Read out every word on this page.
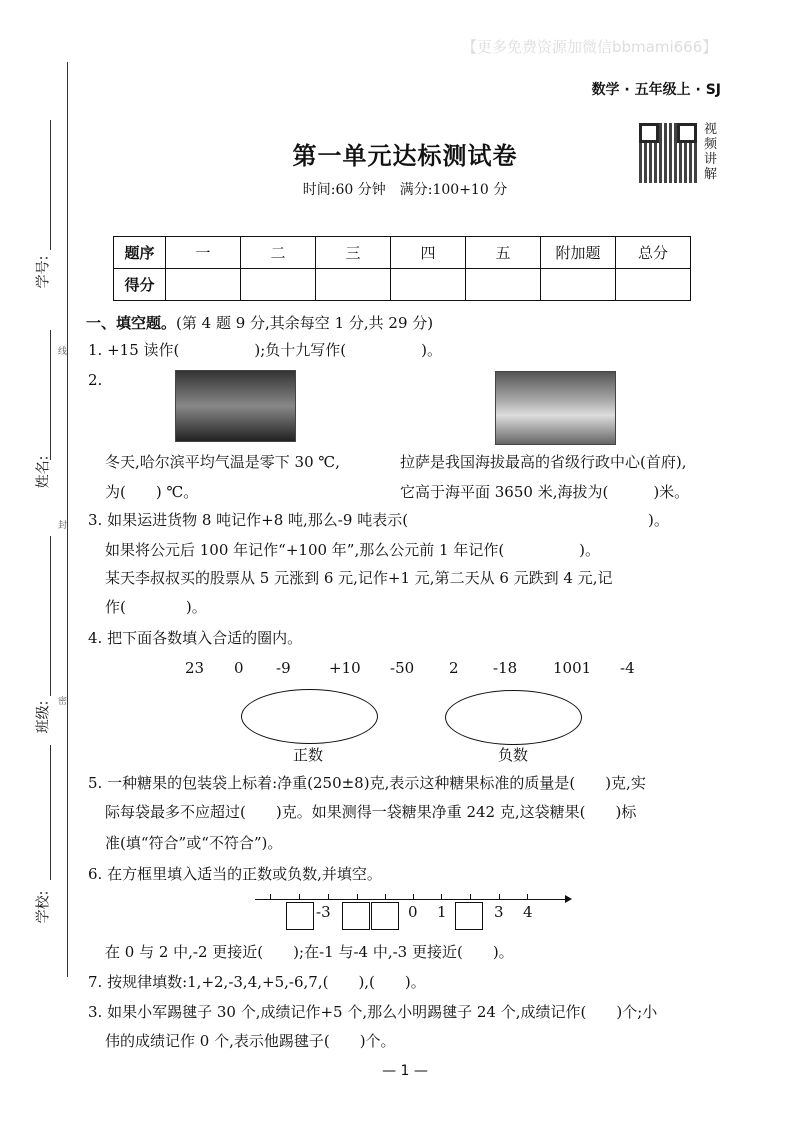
【更多免费资源加微信bbmami666】
数学 · 五年级上 · SJ
第一单元达标测试卷
时间:60 分钟　满分:100+10 分
视频讲解
题序	一	二	三	四	五	附加题	总分
得分							
学号:
姓名:
班级:
学校:
线
封
密
一、填空题。(第 4 题 9 分,其余每空 1 分,共 29 分)
1. +15 读作(　　　　　);负十九写作(　　　　　)。
2.
冬天,哈尔滨平均气温是零下 30 ℃,
为(　　) ℃。
拉萨是我国海拔最高的省级行政中心(首府),
它高于海平面 3650 米,海拔为(　　　)米。
3. 如果运进货物 8 吨记作+8 吨,那么-9 吨表示(　　　　　　　　　　　　　　　　)。
如果将公元后 100 年记作“+100 年”,那么公元前 1 年记作(　　　　　)。
某天李叔叔买的股票从 5 元涨到 6 元,记作+1 元,第二天从 6 元跌到 4 元,记
作(　　　　)。
4. 把下面各数填入合适的圈内。
23 0 -9	+10 -50 2 -18 1001 -4
正数	负数
5. 一种糖果的包装袋上标着:净重(250±8)克,表示这种糖果标准的质量是(　　)克,实
际每袋最多不应超过(　　)克。如果测得一袋糖果净重 242 克,这袋糖果(　　)标
准(填“符合”或“不符合”)。
6. 在方框里填入适当的正数或负数,并填空。
-3	0 1	3 4
在 0 与 2 中,-2 更接近(　　);在-1 与-4 中,-3 更接近(　　)。
7. 按规律填数:1,+2,-3,4,+5,-6,7,(　　),(　　)。
3. 如果小军踢毽子 30 个,成绩记作+5 个,那么小明踢毽子 24 个,成绩记作(　　)个;小
伟的成绩记作 0 个,表示他踢毽子(　　)个。
— 1 —
